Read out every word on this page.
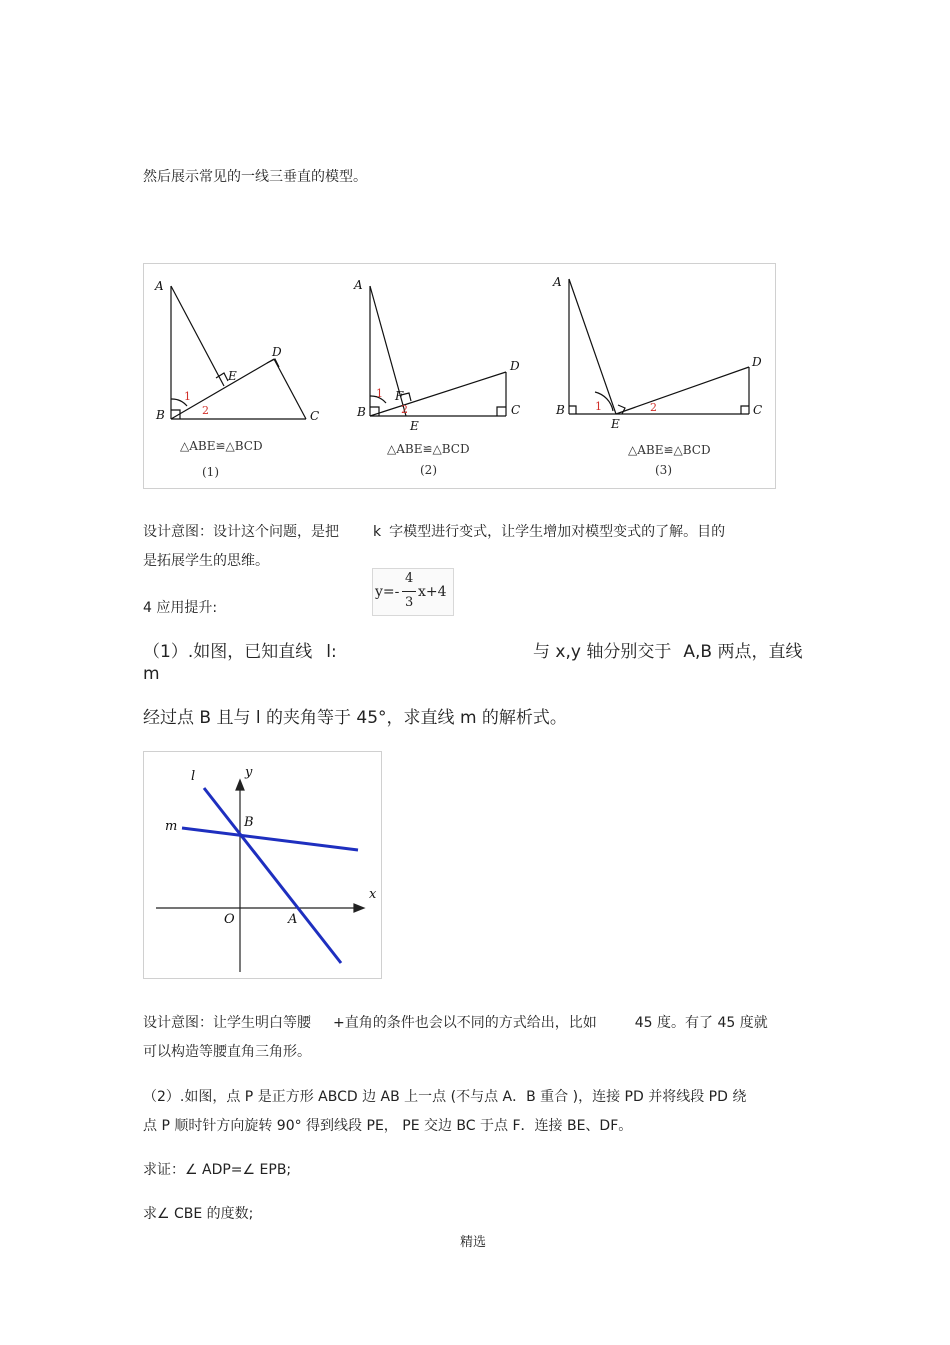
然后展示常见的一线三垂直的模型。
A
B	C
D
E
A
B	C
D
F
E
A
B	C
D
E
1
2
1
2	1	2
△ABE≌△BCD	△ABE≌△BCD	△ABE≌△BCD
(1)	(2)	(3)
设计意图：设计这个问题，是把 k 字模型进行变式，让学生增加对模型变式的了解。目的
是拓展学生的思维。
4 应用提升:
y=-
4
3
x+4
（1）.如图，已知直线 l:	与 x,y 轴分别交于 A,B 两点，直线
m
经过点 B 且与 l 的夹角等于 45°，求直线 m 的解析式。
l	y
m	B
x
O	A
设计意图：让学生明白等腰 +直角的条件也会以不同的方式给出，比如	45 度。有了 45 度就
可以构造等腰直角三角形。
（2）.如图，点 P 是正方形 ABCD 边 AB 上一点 (不与点 A．B 重合 )，连接 PD 并将线段 PD 绕
点 P 顺时针方向旋转 90° 得到线段 PE， PE 交边 BC 于点 F．连接 BE、DF。
求证：∠ ADP=∠ EPB;
求∠ CBE 的度数;
精选
